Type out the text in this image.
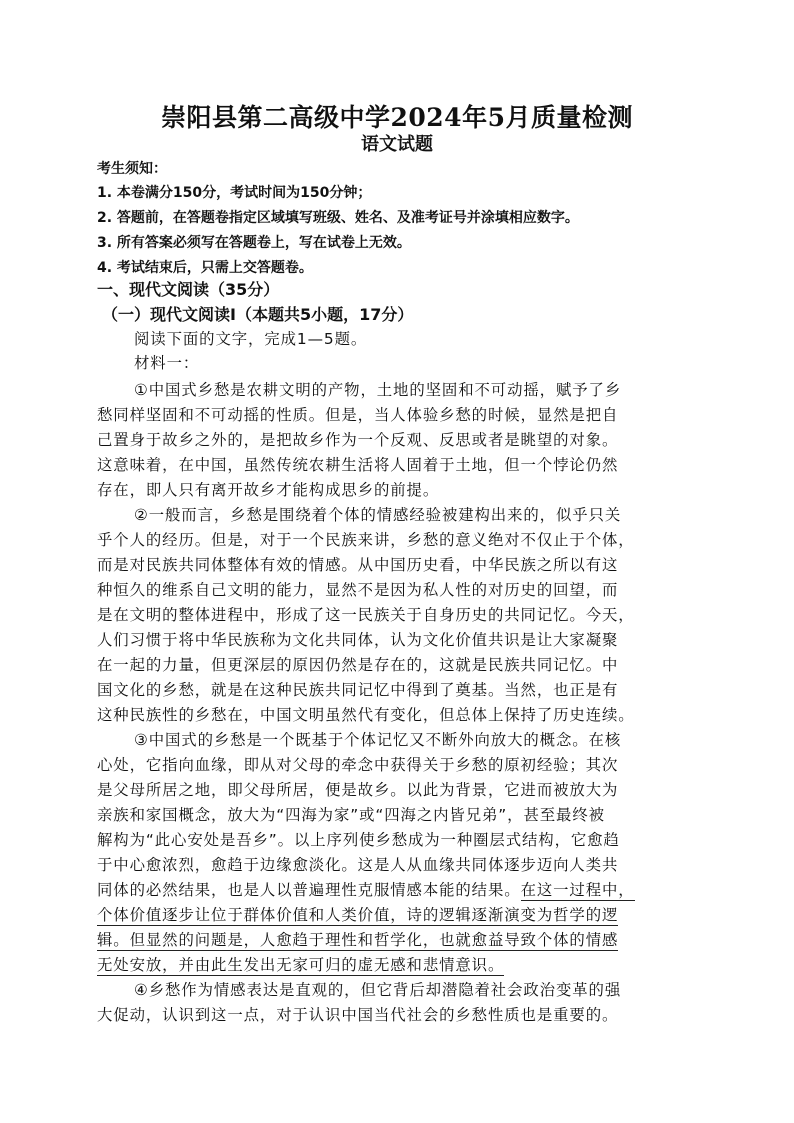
崇阳县第二高级中学2024年5月质量检测
语文试题
考生须知：
1. 本卷满分150分，考试时间为150分钟；
2. 答题前，在答题卷指定区域填写班级、姓名、及准考证号并涂填相应数字。
3. 所有答案必须写在答题卷上，写在试卷上无效。
4. 考试结束后，只需上交答题卷。
一、现代文阅读（35分）
（一）现代文阅读Ⅰ（本题共5小题，17分）
阅读下面的文字，完成1—5题。
材料一：
①中国式乡愁是农耕文明的产物，土地的坚固和不可动摇，赋予了乡
愁同样坚固和不可动摇的性质。但是，当人体验乡愁的时候，显然是把自
己置身于故乡之外的，是把故乡作为一个反观、反思或者是眺望的对象。
这意味着，在中国，虽然传统农耕生活将人固着于土地，但一个悖论仍然
存在，即人只有离开故乡才能构成思乡的前提。
②一般而言，乡愁是围绕着个体的情感经验被建构出来的，似乎只关
乎个人的经历。但是，对于一个民族来讲，乡愁的意义绝对不仅止于个体，
而是对民族共同体整体有效的情感。从中国历史看，中华民族之所以有这
种恒久的维系自己文明的能力，显然不是因为私人性的对历史的回望，而
是在文明的整体进程中，形成了这一民族关于自身历史的共同记忆。今天，
人们习惯于将中华民族称为文化共同体，认为文化价值共识是让大家凝聚
在一起的力量，但更深层的原因仍然是存在的，这就是民族共同记忆。中
国文化的乡愁，就是在这种民族共同记忆中得到了奠基。当然，也正是有
这种民族性的乡愁在，中国文明虽然代有变化，但总体上保持了历史连续。
③中国式的乡愁是一个既基于个体记忆又不断外向放大的概念。在核
心处，它指向血缘，即从对父母的牵念中获得关于乡愁的原初经验；其次
是父母所居之地，即父母所居，便是故乡。以此为背景，它进而被放大为
亲族和家国概念，放大为“四海为家”或“四海之内皆兄弟”，甚至最终被
解构为“此心安处是吾乡”。以上序列使乡愁成为一种圈层式结构，它愈趋
于中心愈浓烈，愈趋于边缘愈淡化。这是人从血缘共同体逐步迈向人类共
同体的必然结果，也是人以普遍理性克服情感本能的结果。在这一过程中，
个体价值逐步让位于群体价值和人类价值，诗的逻辑逐渐演变为哲学的逻
辑。但显然的问题是，人愈趋于理性和哲学化，也就愈益导致个体的情感
无处安放，并由此生发出无家可归的虚无感和悲情意识。
④乡愁作为情感表达是直观的，但它背后却潜隐着社会政治变革的强
大促动，认识到这一点，对于认识中国当代社会的乡愁性质也是重要的。
